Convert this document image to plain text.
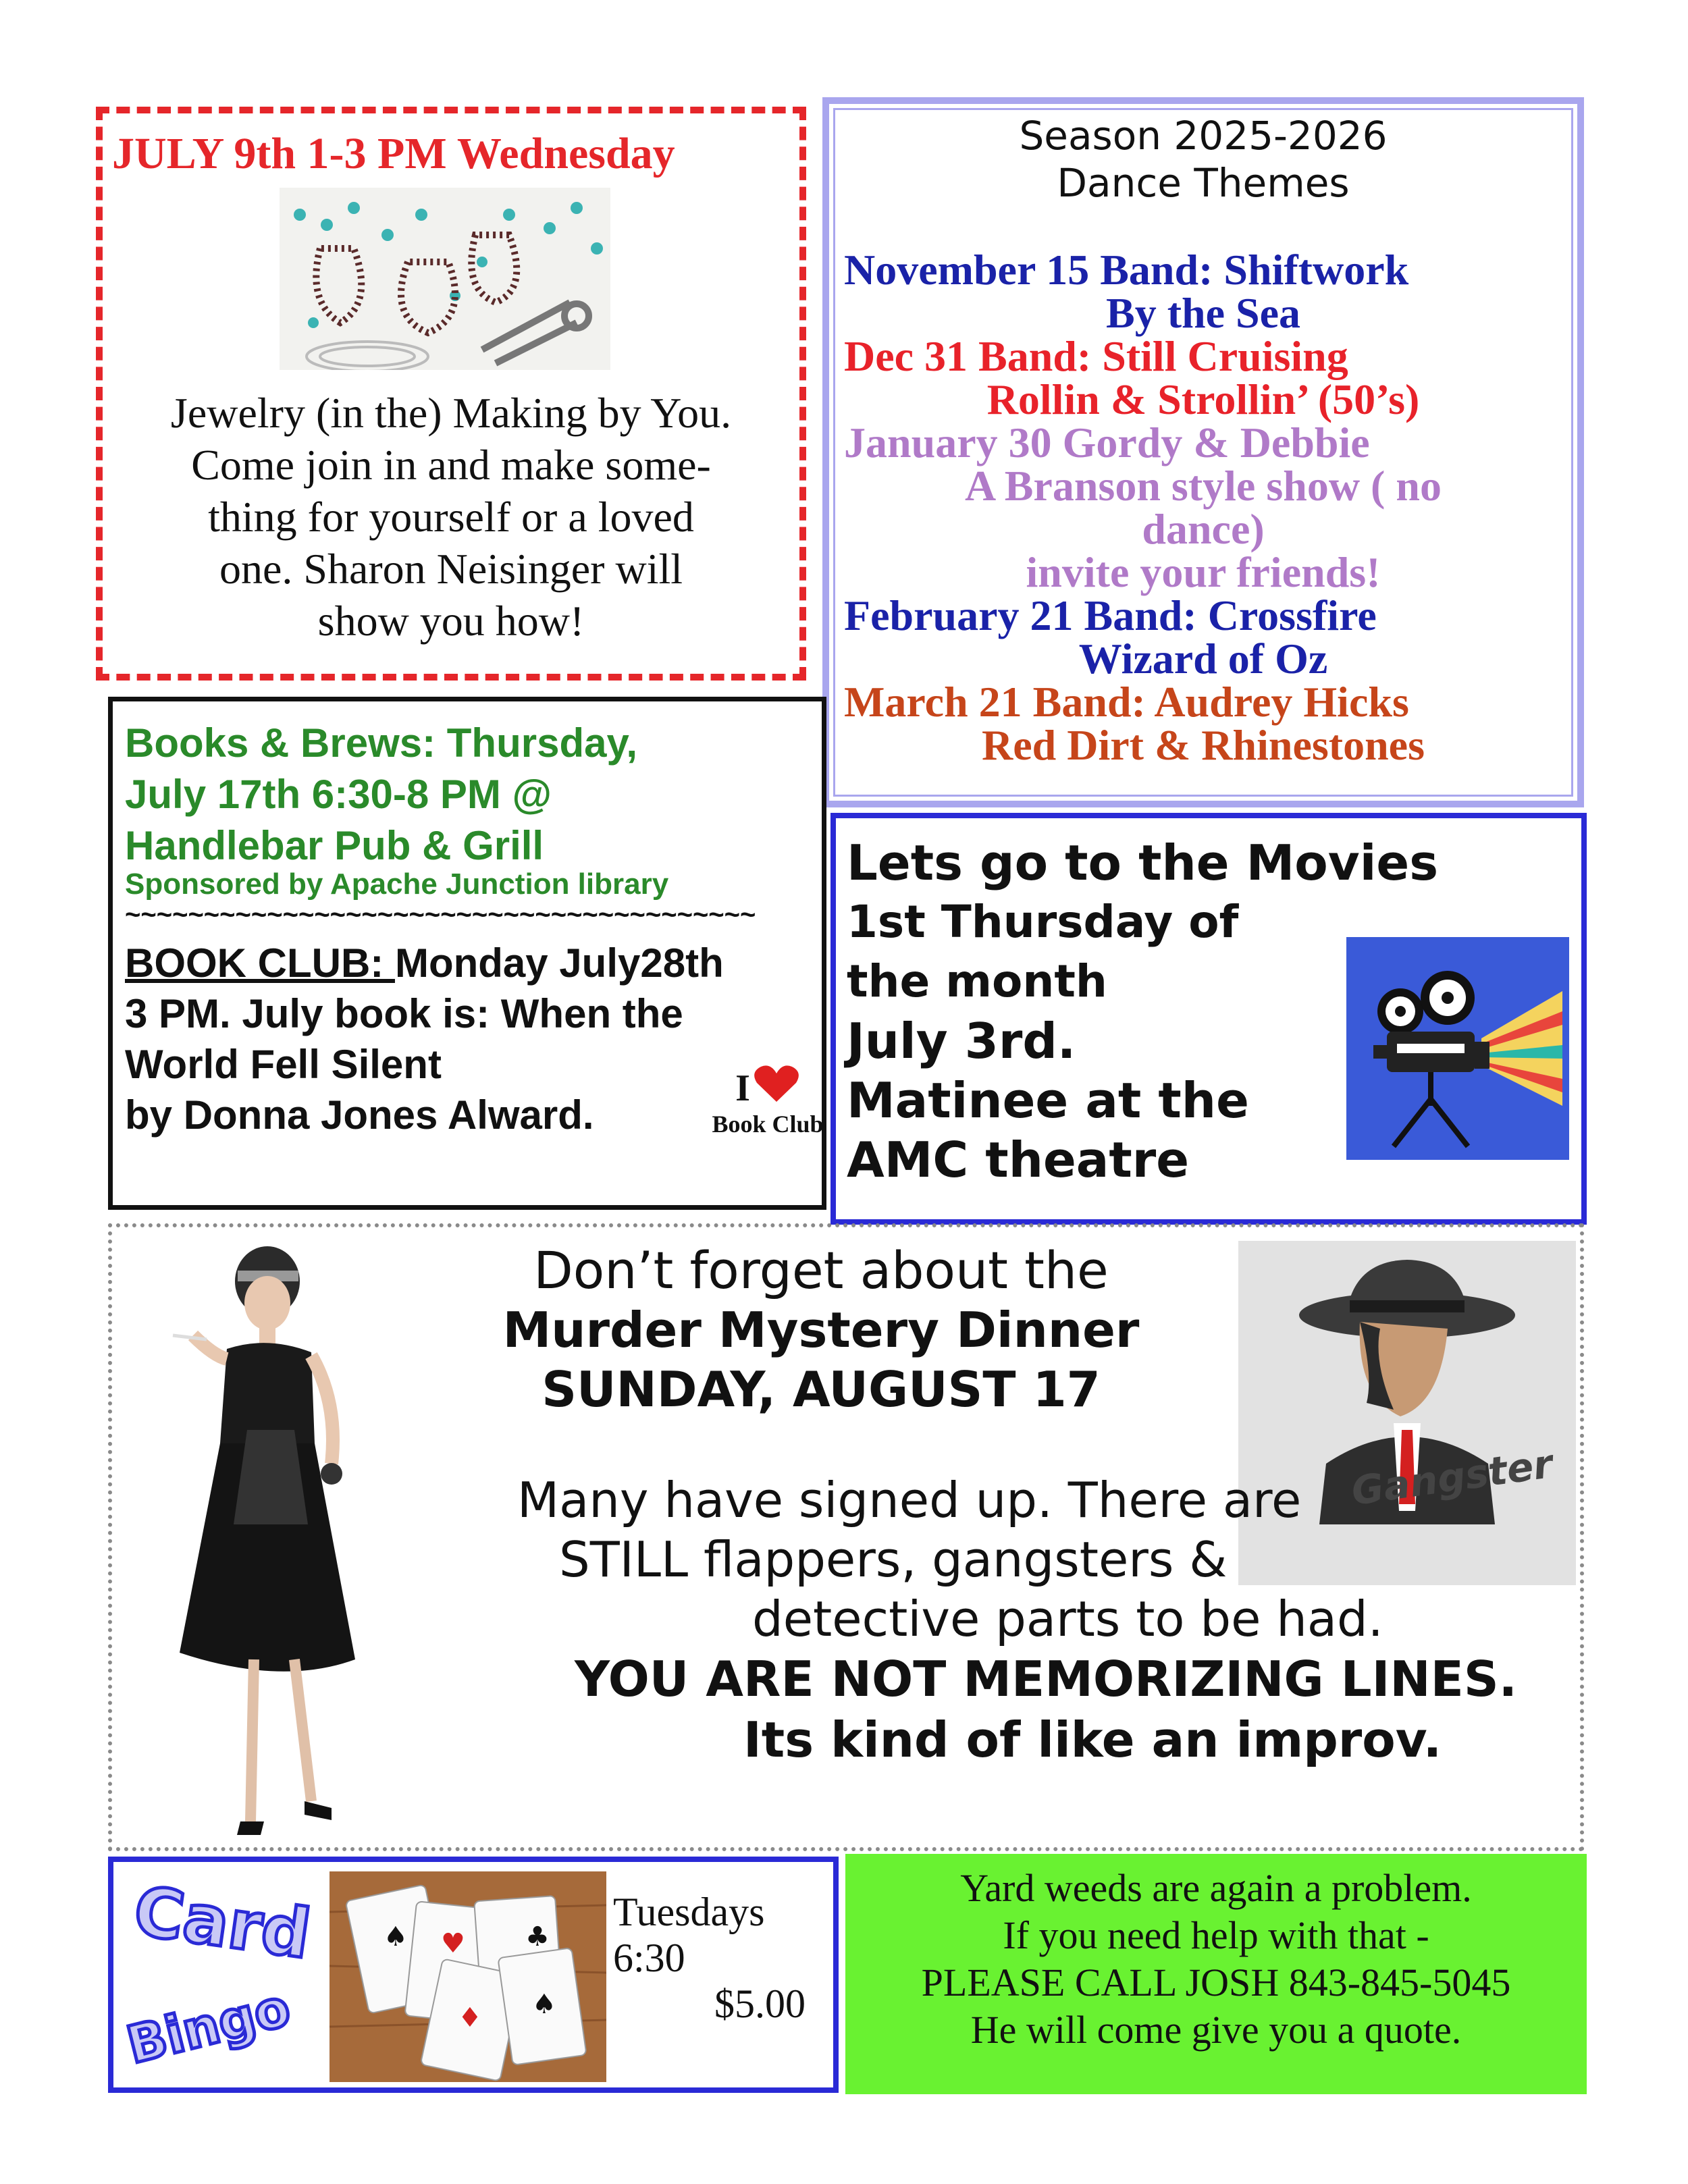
JULY 9th 1-3 PM Wednesday
Jewelry (in the) Making by You.
Come join in and make some-
thing for yourself or a loved
one. Sharon Neisinger will
show you how!
Season 2025-2026
Dance Themes
November 15 Band: Shiftwork
By the Sea
Dec 31 Band: Still Cruising
Rollin & Strollin’ (50’s)
January 30 Gordy & Debbie
A Branson style show ( no
dance)
invite your friends!
February 21 Band: Crossfire
Wizard of Oz
March 21 Band: Audrey Hicks
Red Dirt & Rhinestones
Books & Brews: Thursday,
July 17th 6:30-8 PM @
Handlebar Pub & Grill
Sponsored by Apache Junction library
~~~~~~~~~~~~~~~~~~~~~~~~~~~~~~~~~~~~~~~~
BOOK CLUB: Monday July28th
3 PM. July book is: When the
World Fell Silent
by Donna Jones Alward.
I
Book Club
Lets go to the Movies
1st Thursday of
the month
July 3rd.
Matinee at the
AMC theatre
Don’t forget about the
Murder Mystery Dinner
SUNDAY, AUGUST 17
Gangster
Many have signed up. There are
STILL flappers, gangsters &
detective parts to be had.
YOU ARE NOT MEMORIZING LINES.
Its kind of like an improv.
Card
Bingo
♠	♣
♠
♥
♦
Tuesdays
6:30
$5.00
Yard weeds are again a problem.
If you need help with that -
PLEASE CALL JOSH 843-845-5045
He will come give you a quote.
